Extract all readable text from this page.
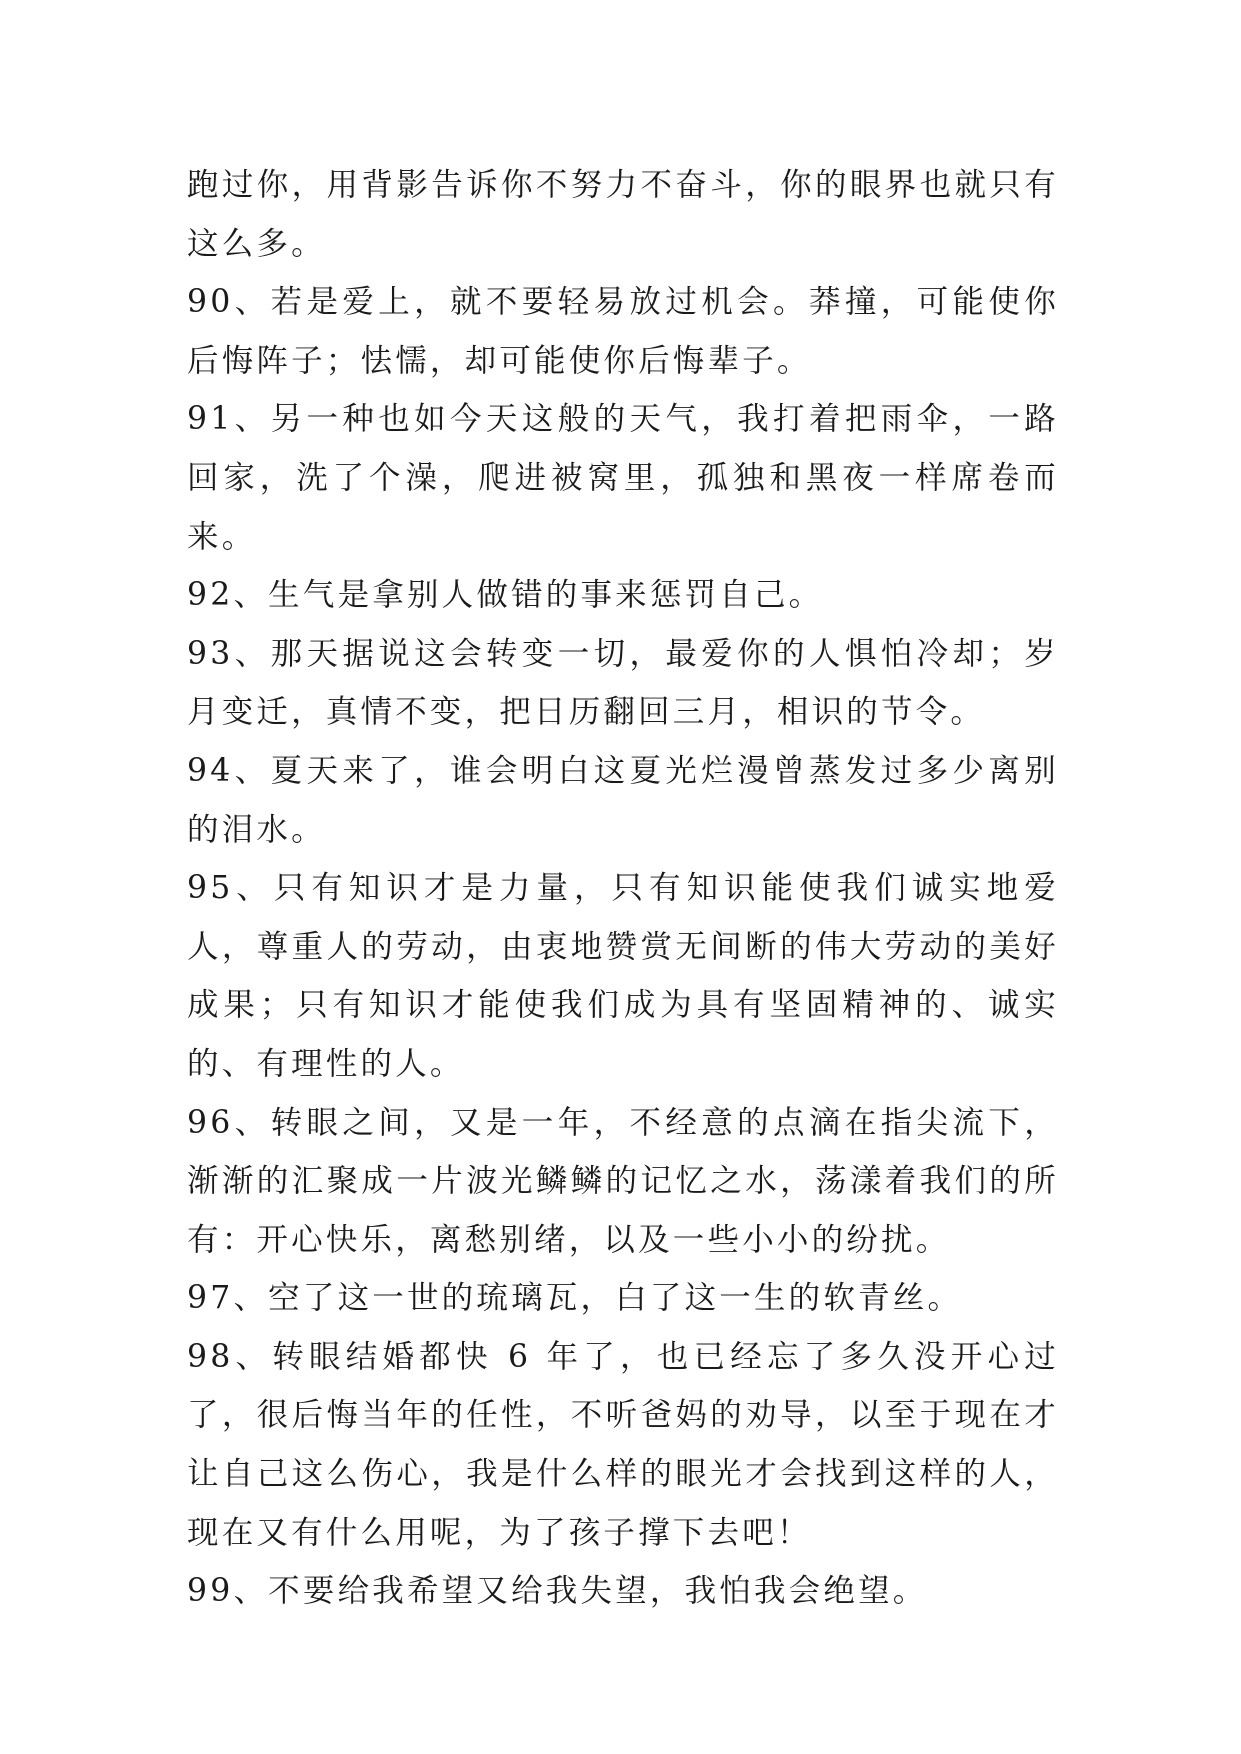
跑过你，用背影告诉你不努力不奋斗，你的眼界也就只有这么多。

90、若是爱上，就不要轻易放过机会。莽撞，可能使你后悔阵子；怯懦，却可能使你后悔辈子。

91、另一种也如今天这般的天气，我打着把雨伞，一路回家，洗了个澡，爬进被窝里，孤独和黑夜一样席卷而来。

92、生气是拿别人做错的事来惩罚自己。

93、那天据说这会转变一切，最爱你的人惧怕冷却；岁月变迁，真情不变，把日历翻回三月，相识的节令。

94、夏天来了，谁会明白这夏光烂漫曾蒸发过多少离别的泪水。

95、只有知识才是力量，只有知识能使我们诚实地爱人，尊重人的劳动，由衷地赞赏无间断的伟大劳动的美好成果；只有知识才能使我们成为具有坚固精神的、诚实的、有理性的人。

96、转眼之间，又是一年，不经意的点滴在指尖流下，渐渐的汇聚成一片波光鳞鳞的记忆之水，荡漾着我们的所有：开心快乐，离愁别绪，以及一些小小的纷扰。

97、空了这一世的琉璃瓦，白了这一生的软青丝。

98、转眼结婚都快 6 年了，也已经忘了多久没开心过了，很后悔当年的任性，不听爸妈的劝导，以至于现在才让自己这么伤心，我是什么样的眼光才会找到这样的人，现在又有什么用呢，为了孩子撑下去吧！

99、不要给我希望又给我失望，我怕我会绝望。
